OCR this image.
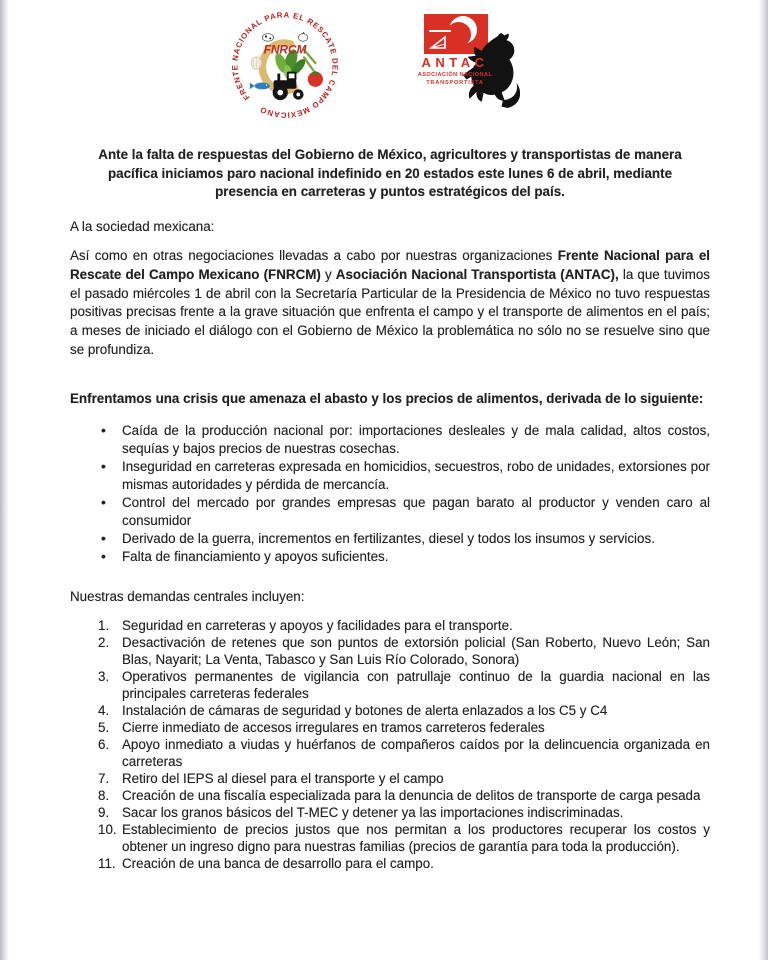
FRENTE NACIONAL PARA EL RESCATE DEL CAMPO MEXICANO
FNRCM
ANTAC
ASOCIACIÓN NACIONAL
TRANSPORTISTA

Ante la falta de respuestas del Gobierno de México, agricultores y transportistas de manera pacífica iniciamos paro nacional indefinido en 20 estados este lunes 6 de abril, mediante presencia en carreteras y puntos estratégicos del país.

A la sociedad mexicana:

Así como en otras negociaciones llevadas a cabo por nuestras organizaciones Frente Nacional para el Rescate del Campo Mexicano (FNRCM) y Asociación Nacional Transportista (ANTAC), la que tuvimos el pasado miércoles 1 de abril con la Secretaría Particular de la Presidencia de México no tuvo respuestas positivas precisas frente a la grave situación que enfrenta el campo y el transporte de alimentos en el país; a meses de iniciado el diálogo con el Gobierno de México la problemática no sólo no se resuelve sino que se profundiza.

Enfrentamos una crisis que amenaza el abasto y los precios de alimentos, derivada de lo siguiente:

• Caída de la producción nacional por: importaciones desleales y de mala calidad, altos costos, sequías y bajos precios de nuestras cosechas.
• Inseguridad en carreteras expresada en homicidios, secuestros, robo de unidades, extorsiones por mismas autoridades y pérdida de mercancía.
• Control del mercado por grandes empresas que pagan barato al productor y venden caro al consumidor
• Derivado de la guerra, incrementos en fertilizantes, diesel y todos los insumos y servicios.
• Falta de financiamiento y apoyos suficientes.

Nuestras demandas centrales incluyen:

1. Seguridad en carreteras y apoyos y facilidades para el transporte.
2. Desactivación de retenes que son puntos de extorsión policial (San Roberto, Nuevo León; San Blas, Nayarit; La Venta, Tabasco y San Luis Río Colorado, Sonora)
3. Operativos permanentes de vigilancia con patrullaje continuo de la guardia nacional en las principales carreteras federales
4. Instalación de cámaras de seguridad y botones de alerta enlazados a los C5 y C4
5. Cierre inmediato de accesos irregulares en tramos carreteros federales
6. Apoyo inmediato a viudas y huérfanos de compañeros caídos por la delincuencia organizada en carreteras
7. Retiro del IEPS al diesel para el transporte y el campo
8. Creación de una fiscalía especializada para la denuncia de delitos de transporte de carga pesada
9. Sacar los granos básicos del T-MEC y detener ya las importaciones indiscriminadas.
10. Establecimiento de precios justos que nos permitan a los productores recuperar los costos y obtener un ingreso digno para nuestras familias (precios de garantía para toda la producción).
11. Creación de una banca de desarrollo para el campo.
